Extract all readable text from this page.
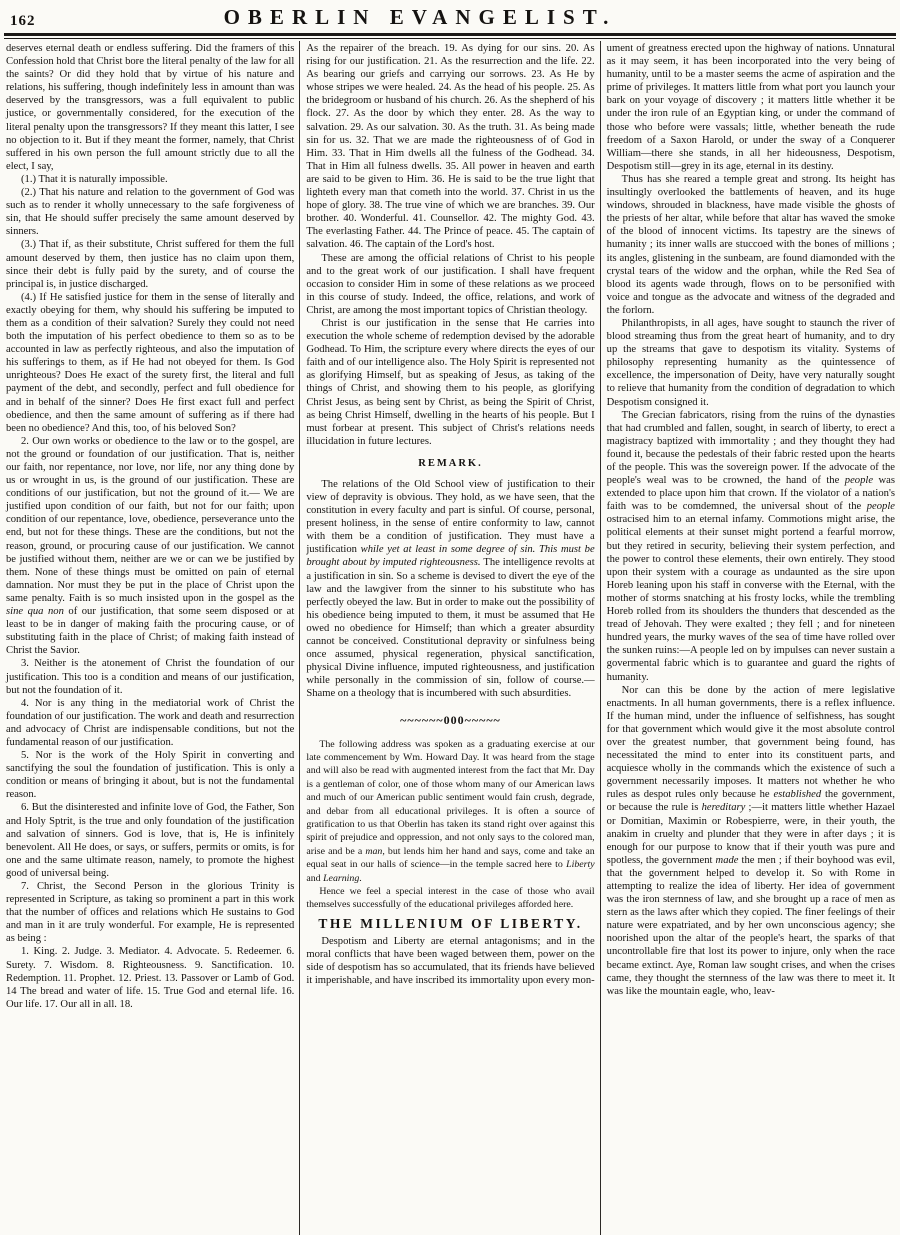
162	OBERLIN EVANGELIST.

deserves eternal death or endless suffering. Did the framers of this Confession hold that Christ bore the literal penalty of the law for all the saints? Or did they hold that by virtue of his nature and relations, his suffering, though indefinitely less in amount than was deserved by the transgressors, was a full equivalent to public justice, or governmentally considered, for the execution of the literal penalty upon the transgressors? If they meant this latter, I see no objection to it. But if they meant the former, namely, that Christ suffered in his own person the full amount strictly due to all the elect, I say,

(1.) That it is naturally impossible.

(2.) That his nature and relation to the government of God was such as to render it wholly unnecessary to the safe forgiveness of sin, that He should suffer precisely the same amount deserved by sinners.

(3.) That if, as their substitute, Christ suffered for them the full amount deserved by them, then justice has no claim upon them, since their debt is fully paid by the surety, and of course the principal is, in justice discharged.

(4.) If He satisfied justice for them in the sense of literally and exactly obeying for them, why should his suffering be imputed to them as a condition of their salvation? Surely they could not need both the imputation of his perfect obedience to them so as to be accounted in law as perfectly righteous, and also the imputation of his sufferings to them, as if He had not obeyed for them. Is God unrighteous? Does He exact of the surety first, the literal and full payment of the debt, and secondly, perfect and full obedience for and in behalf of the sinner? Does He first exact full and perfect obedience, and then the same amount of suffering as if there had been no obedience? And this, too, of his beloved Son?

2. Our own works or obedience to the law or to the gospel, are not the ground or foundation of our justification. That is, neither our faith, nor repentance, nor love, nor life, nor any thing done by us or wrought in us, is the ground of our justification. These are conditions of our justification, but not the ground of it.— We are justified upon condition of our faith, but not for our faith; upon condition of our repentance, love, obedience, perseverance unto the end, but not for these things. These are the conditions, but not the reason, ground, or procuring cause of our justification. We cannot be justified without them, neither are we or can we be justified by them. None of these things must be omitted on pain of eternal damnation. Nor must they be put in the place of Christ upon the same penalty. Faith is so much insisted upon in the gospel as the sine qua non of our justification, that some seem disposed or at least to be in danger of making faith the procuring cause, or of substituting faith in the place of Christ; of making faith instead of Christ the Savior.

3. Neither is the atonement of Christ the foundation of our justification. This too is a condition and means of our justification, but not the foundation of it.

4. Nor is any thing in the mediatorial work of Christ the foundation of our justification. The work and death and resurrection and advocacy of Christ are indispensable conditions, but not the fundamental reason of our justification.

5. Nor is the work of the Holy Spirit in converting and sanctifying the soul the foundation of justification. This is only a condition or means of bringing it about, but is not the fundamental reason.

6. But the disinterested and infinite love of God, the Father, Son and Holy Sptrit, is the true and only foundation of the justification and salvation of sinners. God is love, that is, He is infinitely benevolent. All He does, or says, or suffers, permits or omits, is for one and the same ultimate reason, namely, to promote the highest good of universal being.

7. Christ, the Second Person in the glorious Trinity is represented in Scripture, as taking so prominent a part in this work that the number of offices and relations which He sustains to God and man in it are truly wonderful. For example, He is represented as being :

1. King. 2. Judge. 3. Mediator. 4. Advocate. 5. Redeemer. 6. Surety. 7. Wisdom. 8. Righteousness. 9. Sanctification. 10. Redemption. 11. Prophet. 12. Priest. 13. Passover or Lamb of God. 14 The bread and water of life. 15. True God and eternal life. 16. Our life. 17. Our all in all. 18.

As the repairer of the breach. 19. As dying for our sins. 20. As rising for our justification. 21. As the resurrection and the life. 22. As bearing our griefs and carrying our sorrows. 23. As He by whose stripes we were healed. 24. As the head of his people. 25. As the bridegroom or husband of his church. 26. As the shepherd of his flock. 27. As the door by which they enter. 28. As the way to salvation. 29. As our salvation. 30. As the truth. 31. As being made sin for us. 32. That we are made the righteousness of of God in Him. 33. That in Him dwells all the fulness of the Godhead. 34. That in Him all fulness dwells. 35. All power in heaven and earth are said to be given to Him. 36. He is said to be the true light that lighteth every man that cometh into the world. 37. Christ in us the hope of glory. 38. The true vine of which we are branches. 39. Our brother. 40. Wonderful. 41. Counsellor. 42. The mighty God. 43. The everlasting Father. 44. The Prince of peace. 45. The captain of salvation. 46. The captain of the Lord's host.

These are among the official relations of Christ to his people and to the great work of our justification. I shall have frequent occasion to consider Him in some of these relations as we proceed in this course of study. Indeed, the office, relations, and work of Christ, are among the most important topics of Christian theology.

Christ is our justification in the sense that He carries into execution the whole scheme of redemption devised by the adorable Godhead. To Him, the scripture every where directs the eyes of our faith and of our intelligence also. The Holy Spirit is represented not as glorifying Himself, but as speaking of Jesus, as taking of the things of Christ, and showing them to his people, as glorifying Christ Jesus, as being sent by Christ, as being the Spirit of Christ, as being Christ Himself, dwelling in the hearts of his people. But I must forbear at present. This subject of Christ's relations needs illucidation in future lectures.

REMARK.

The relations of the Old School view of justification to their view of depravity is obvious. They hold, as we have seen, that the constitution in every faculty and part is sinful. Of course, personal, present holiness, in the sense of entire conformity to law, cannot with them be a condition of justification. They must have a justification while yet at least in some degree of sin. This must be brought about by imputed righteousness. The intelligence revolts at a justification in sin. So a scheme is devised to divert the eye of the law and the lawgiver from the sinner to his substitute who has perfectly obeyed the law. But in order to make out the possibility of his obedience being imputed to them, it must be assumed that He owed no obedience for Himself; than which a greater absurdity cannot be conceived. Constitutional depravity or sinfulness being once assumed, physical regeneration, physical sanctification, physical Divine influence, imputed righteousness, and justification while personally in the commission of sin, follow of course.— Shame on a theology that is incumbered with such absurdities.

~~~~~~000~~~~~

The following address was spoken as a graduating exercise at our late commencement by Wm. Howard Day. It was heard from the stage and will also be read with augmented interest from the fact that Mr. Day is a gentleman of color, one of those whom many of our American laws and much of our American public sentiment would fain crush, degrade, and debar from all educational privileges. It is often a source of gratification to us that Oberlin has taken its stand right over against this spirit of prejudice and oppression, and not only says to the colored man, arise and be a man, but lends him her hand and says, come and take an equal seat in our halls of science—in the temple sacred here to Liberty and Learning.

Hence we feel a special interest in the case of those who avail themselves successfully of the educational privileges afforded here.

THE MILLENIUM OF LIBERTY.

Despotism and Liberty are eternal antagonisms; and in the moral conflicts that have been waged between them, power on the side of despotism has so accumulated, that its friends have believed it imperishable, and have inscribed its immortality upon every mon-

ument of greatness erected upon the highway of nations. Unnatural as it may seem, it has been incorporated into the very being of humanity, until to be a master seems the acme of aspiration and the prime of privileges. It matters little from what port you launch your bark on your voyage of discovery ; it matters little whether it be under the iron rule of an Egyptian king, or under the command of those who before were vassals; little, whether beneath the rude freedom of a Saxon Harold, or under the sway of a Conquerer William—there she stands, in all her hideousness, Despotism, Despotism still—grey in its age, eternal in its destiny.

Thus has she reared a temple great and strong. Its height has insultingly overlooked the battlements of heaven, and its huge windows, shrouded in blackness, have made visible the ghosts of the priests of her altar, while before that altar has waved the smoke of the blood of innocent victims. Its tapestry are the sinews of humanity ; its inner walls are stuccoed with the bones of millions ; its angles, glistening in the sunbeam, are found diamonded with the crystal tears of the widow and the orphan, while the Red Sea of blood its agents wade through, flows on to be personified with voice and tongue as the advocate and witness of the degraded and the forlorn.

Philanthropists, in all ages, have sought to staunch the river of blood streaming thus from the great heart of humanity, and to dry up the streams that gave to despotism its vitality. Systems of philosophy representing humanity as the quintessence of excellence, the impersonation of Deity, have very naturally sought to relieve that humanity from the condition of degradation to which Despotism consigned it.

The Grecian fabricators, rising from the ruins of the dynasties that had crumbled and fallen, sought, in search of liberty, to erect a magistracy baptized with immortality ; and they thought they had found it, because the pedestals of their fabric rested upon the hearts of the people. This was the sovereign power. If the advocate of the people's weal was to be crowned, the hand of the people was extended to place upon him that crown. If the violator of a nation's faith was to be comdemned, the universal shout of the people ostracised him to an eternal infamy. Commotions might arise, the political elements at their sunset might portend a fearful morrow, but they retired in security, believing their system perfection, and the power to control these elements, their own entirely. They stood upon their system with a courage as undaunted as the sire upon Horeb leaning upon his staff in converse with the Eternal, with the mother of storms snatching at his frosty locks, while the trembling Horeb rolled from its shoulders the thunders that descended as the tread of Jehovah. They were exalted ; they fell ; and for nineteen hundred years, the murky waves of the sea of time have rolled over the sunken ruins:—A people led on by impulses can never sustain a govermental fabric which is to guarantee and guard the rights of humanity.

Nor can this be done by the action of mere legislative enactments. In all human governments, there is a reflex influence. If the human mind, under the influence of selfishness, has sought for that government which would give it the most absolute control over the greatest number, that government being found, has necessitated the mind to enter into its constituent parts, and acquiesce wholly in the commands which the existence of such a government necessarily imposes. It matters not whether he who rules as despot rules only because he established the government, or because the rule is hereditary ;—it matters little whether Hazael or Domitian, Maximin or Robespierre, were, in their youth, the anakim in cruelty and plunder that they were in after days ; it is enough for our purpose to know that if their youth was pure and spotless, the government made the men ; if their boyhood was evil, that the government helped to develop it. So with Rome in attempting to realize the idea of liberty. Her idea of government was the iron sternness of law, and she brought up a race of men as stern as the laws after which they copied. The finer feelings of their nature were expatriated, and by her own unconscious agency; she noorished upon the altar of the people's heart, the sparks of that uncontrollable fire that lost its power to injure, only when the race became extinct. Aye, Roman law sought crises, and when the crises came, they thought the sternness of the law was there to meet it. It was like the mountain eagle, who, leav-
